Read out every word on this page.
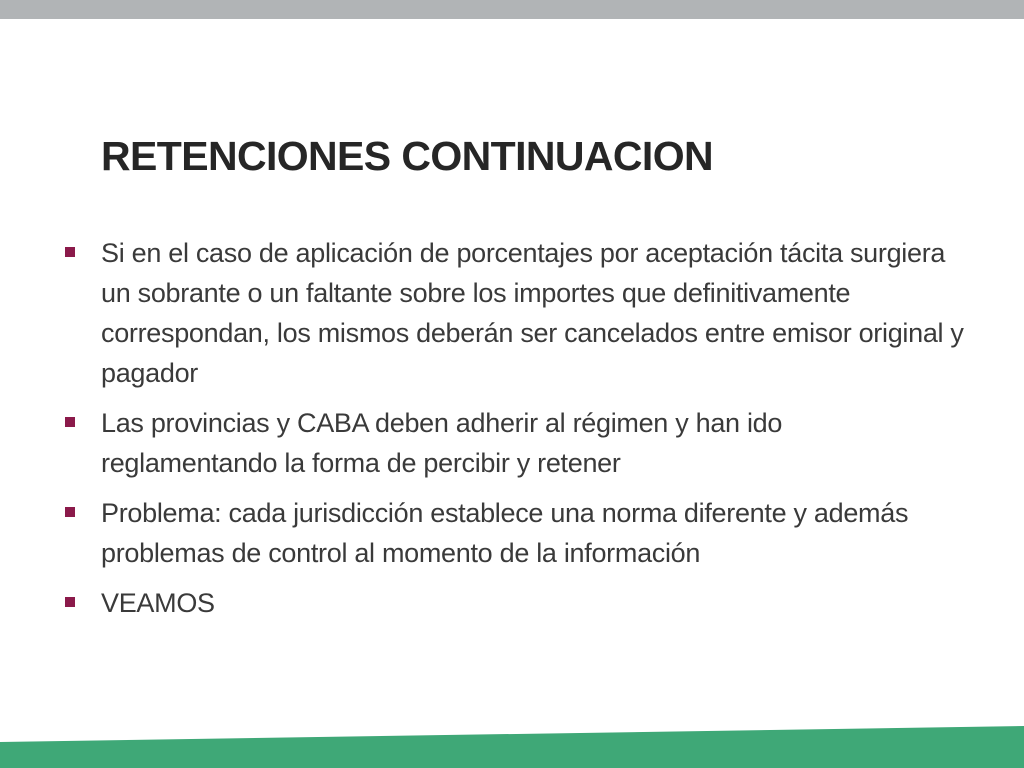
RETENCIONES CONTINUACION
Si en el caso de aplicación de porcentajes por aceptación tácita surgiera un sobrante o un faltante sobre los importes que definitivamente correspondan, los mismos deberán ser cancelados entre emisor original y pagador
Las provincias y CABA deben adherir al régimen y han ido reglamentando la forma de percibir y retener
Problema: cada jurisdicción establece una norma diferente y además problemas de control al momento de la información
VEAMOS
